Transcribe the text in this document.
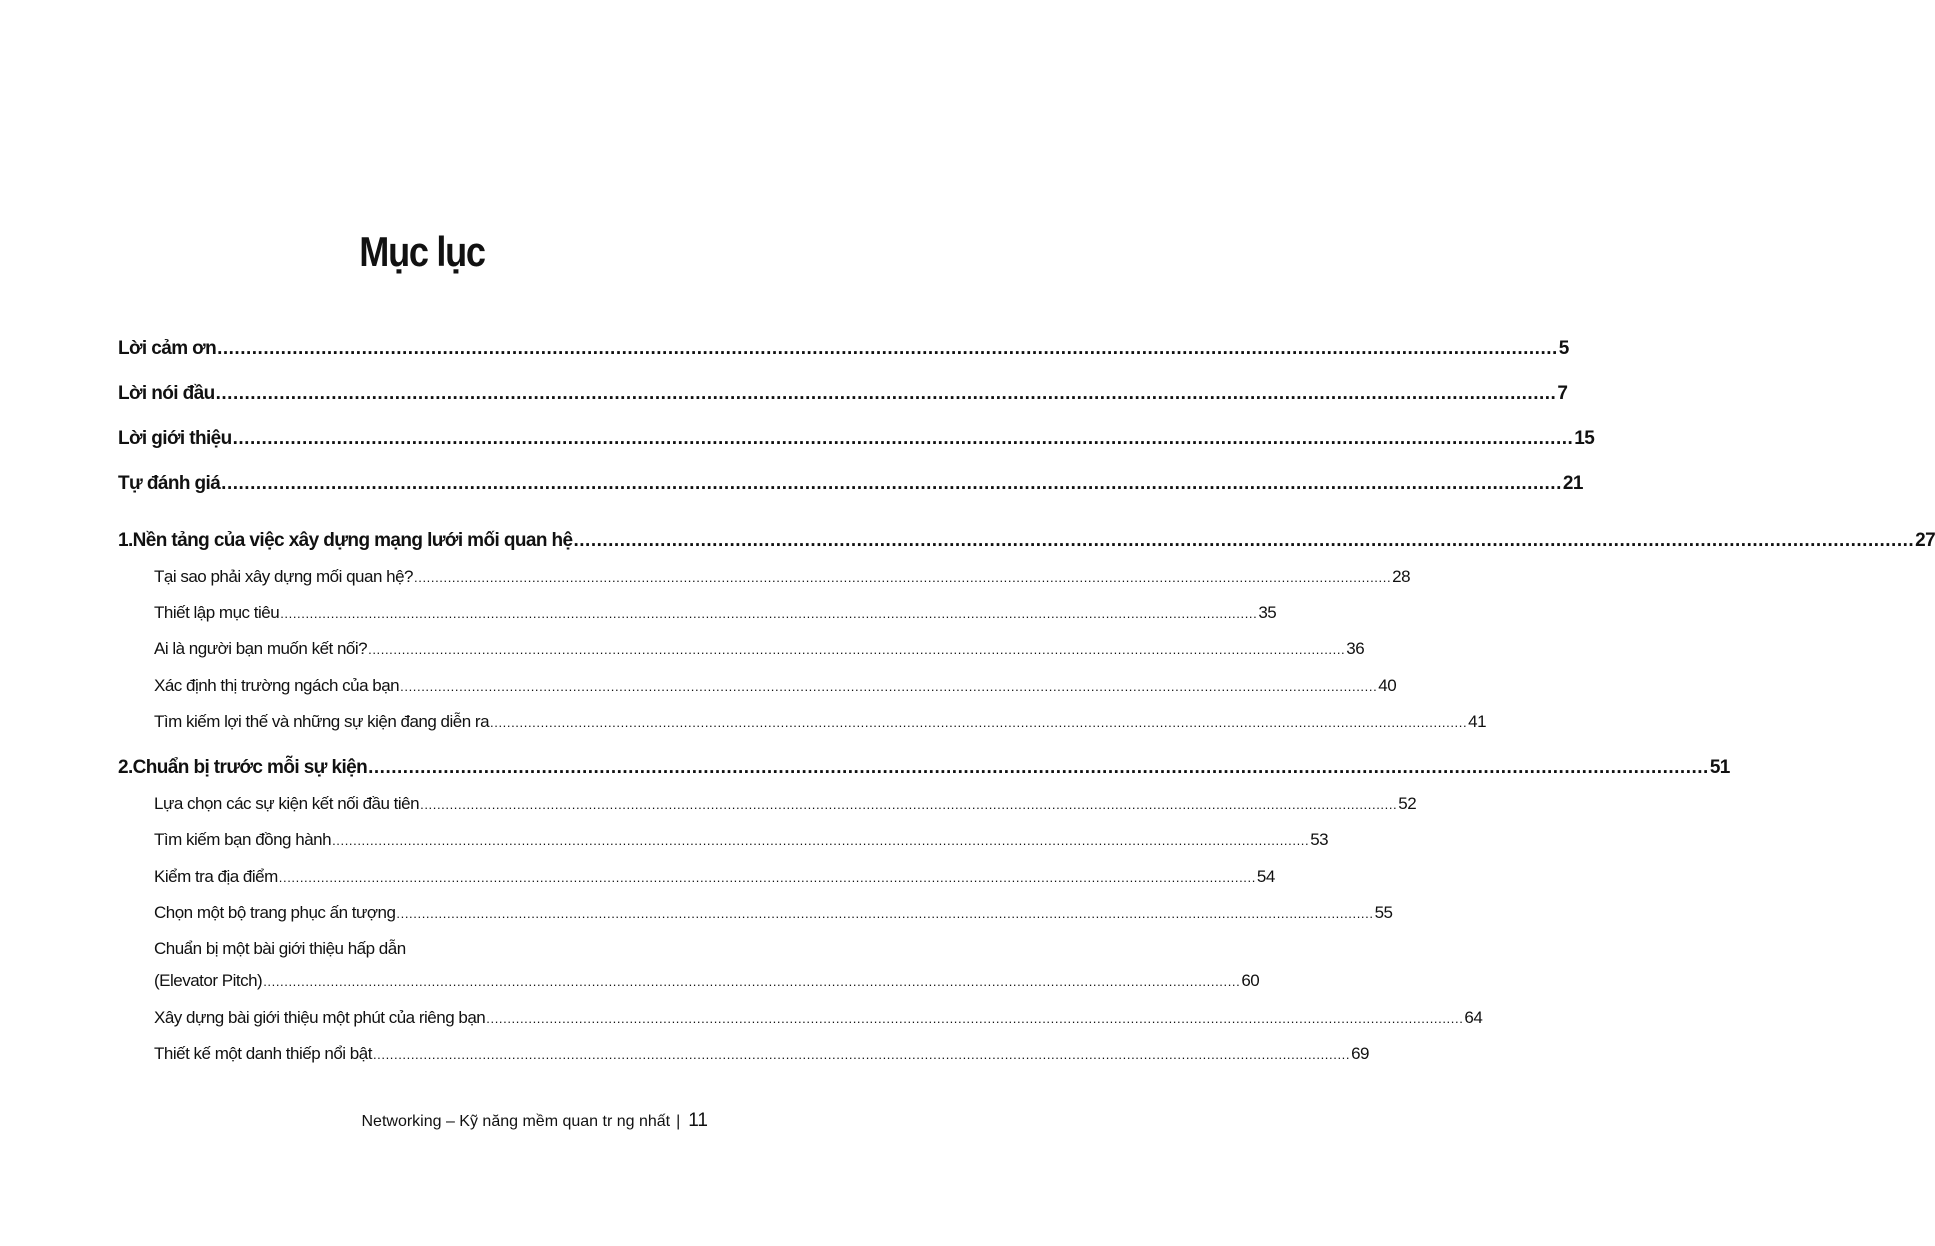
Mục lục
Lời cảm ơn .....	5
Lời nói đầu .....	7
Lời giới thiệu .....	15
Tự đánh giá .....	21
1. Nền tảng của việc xây dựng mạng lưới mối quan hệ .....	27
Tại sao phải xây dựng mối quan hệ? .....	28
Thiết lập mục tiêu .....	35
Ai là người bạn muốn kết nối? .....	36
Xác định thị trường ngách của bạn .....	40
Tìm kiếm lợi thế và những sự kiện đang diễn ra .....	41
2. Chuẩn bị trước mỗi sự kiện .....	51
Lựa chọn các sự kiện kết nối đầu tiên .....	52
Tìm kiếm bạn đồng hành .....	53
Kiểm tra địa điểm .....	54
Chọn một bộ trang phục ấn tượng .....	55
Chuẩn bị một bài giới thiệu hấp dẫn
(Elevator Pitch) .....	60
Xây dựng bài giới thiệu một phút của riêng bạn .....	64
Thiết kế một danh thiếp nổi bật .....	69
Networking – Kỹ năng mềm quan tr ng nhất | 11
